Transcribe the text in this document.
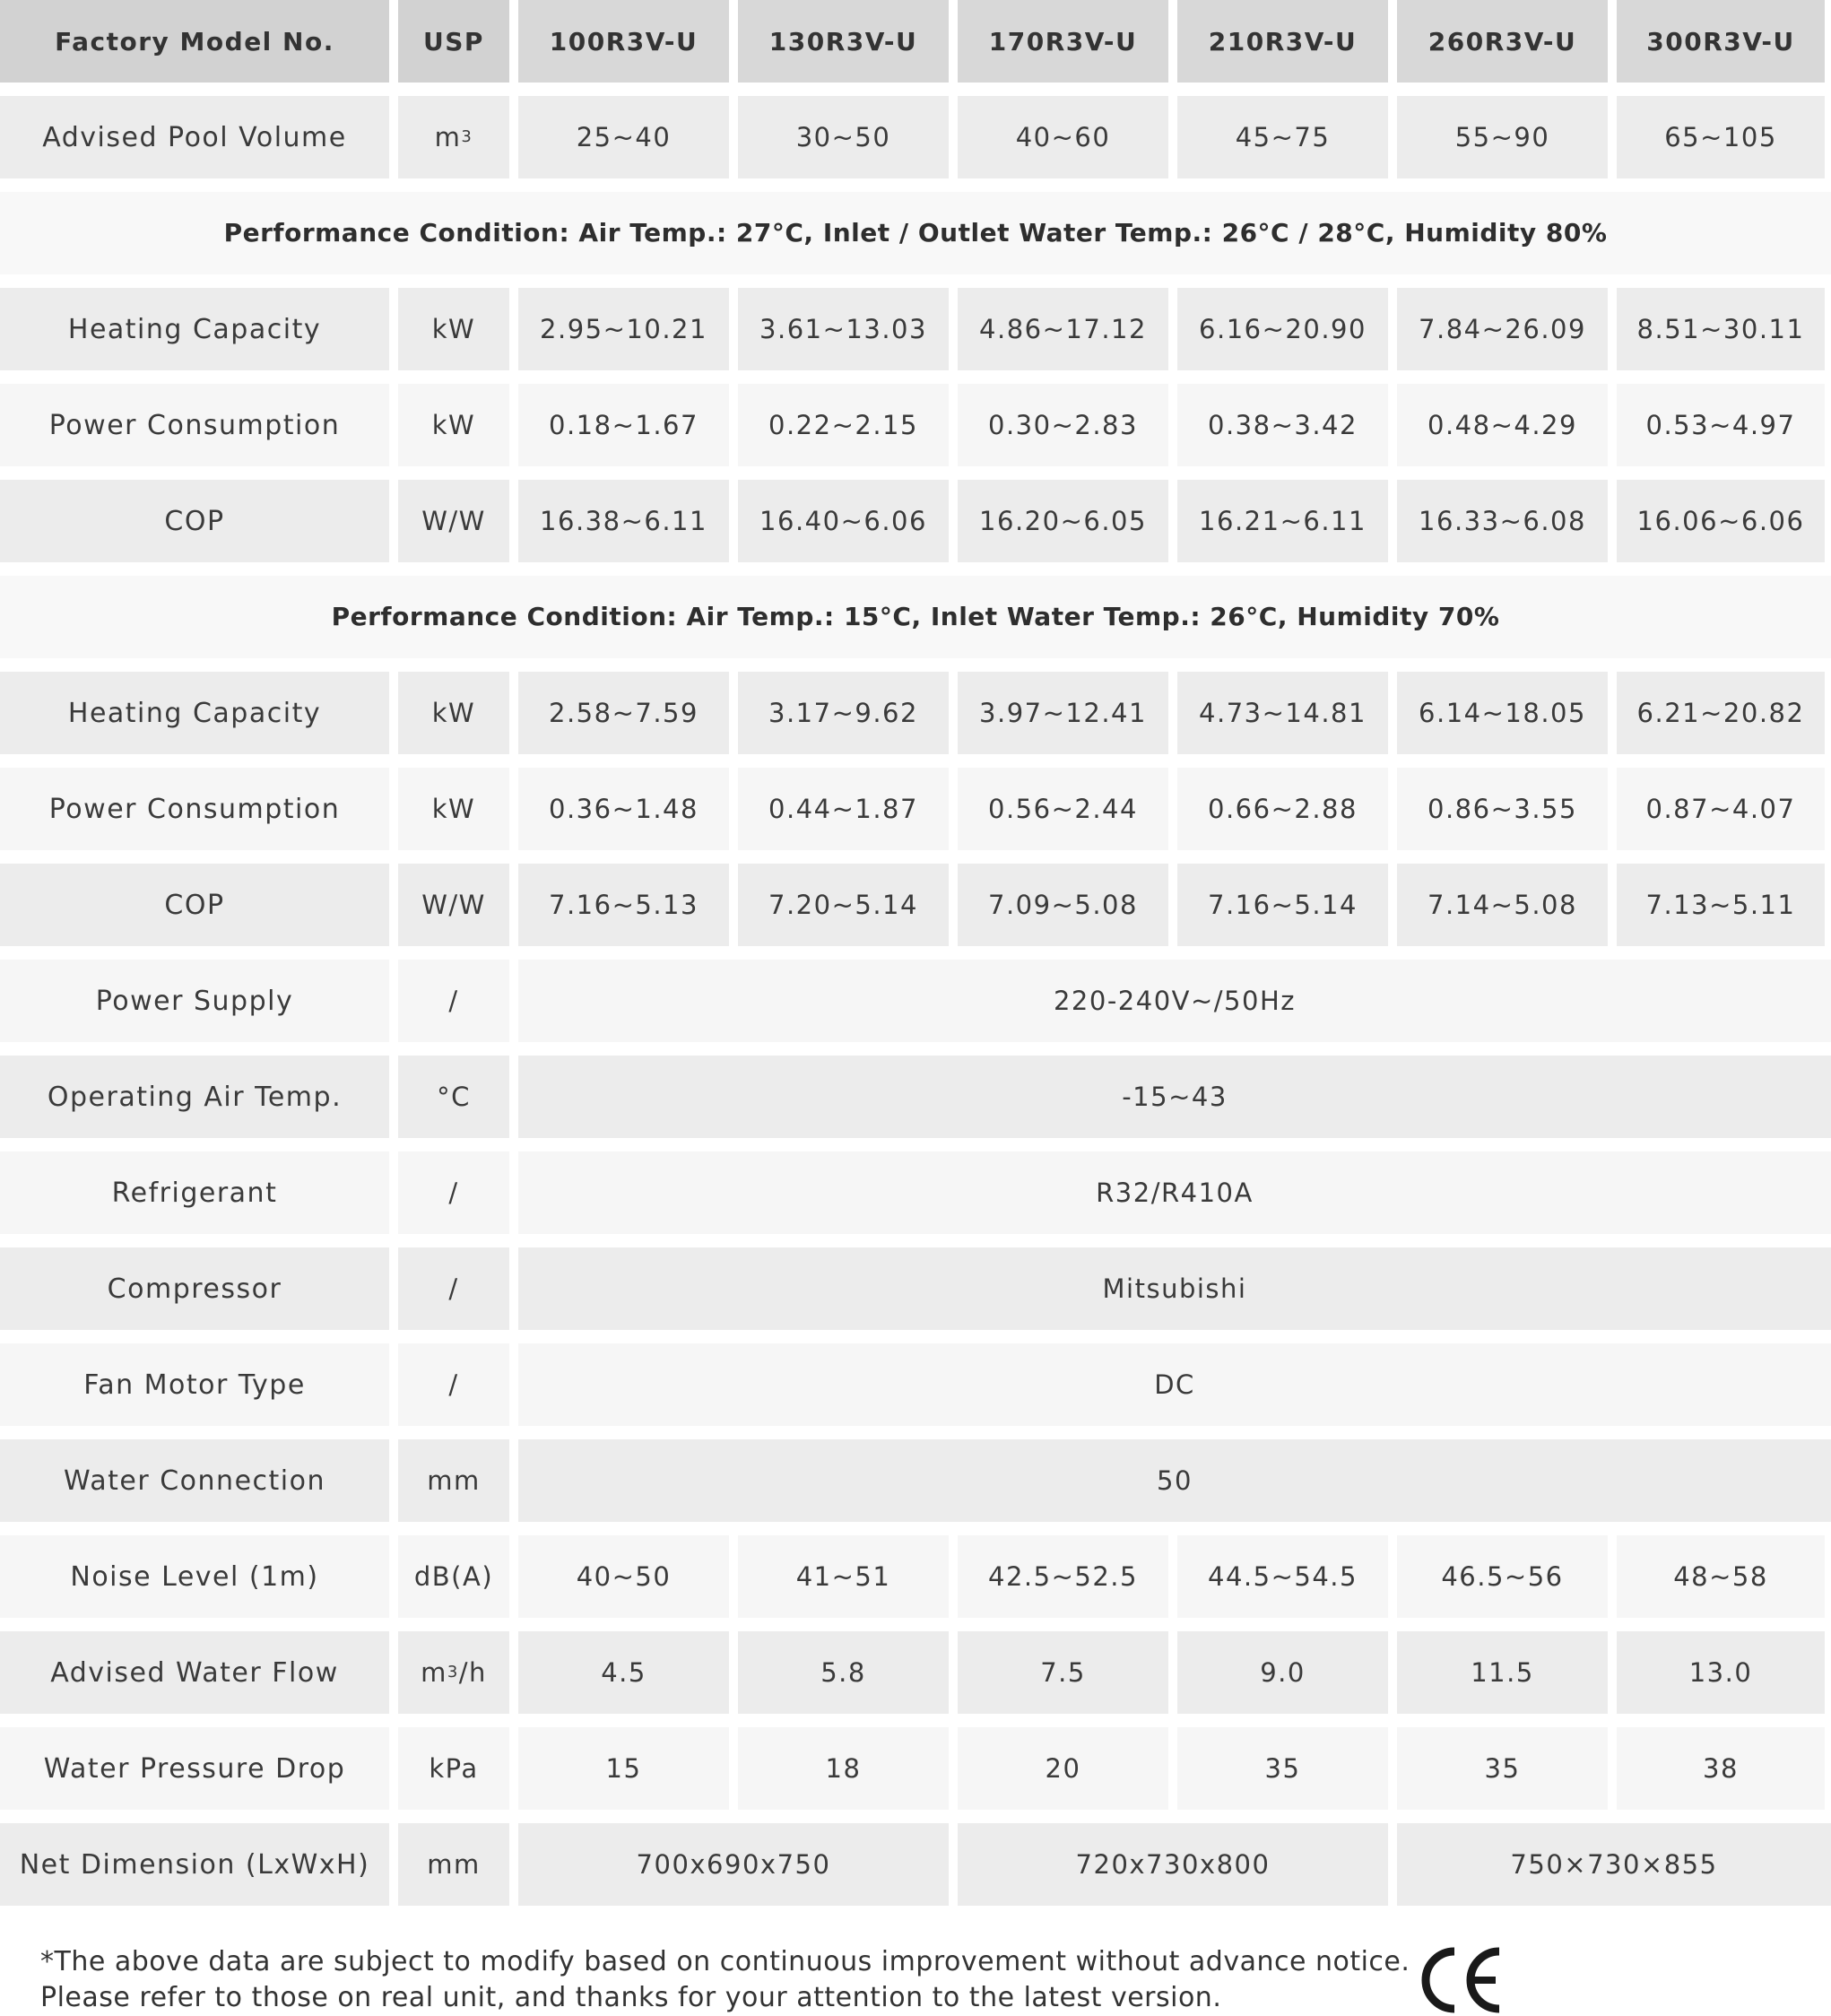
Factory Model No.	USP	100R3V-U	130R3V-U	170R3V-U	210R3V-U	260R3V-U	300R3V-U
Advised Pool Volume	m 3	25~40	30~50	40~60	45~75	55~90	65~105
Performance Condition: Air Temp.: 27°C, Inlet / Outlet Water Temp.: 26°C / 28°C, Humidity 80%
Heating Capacity	kW	2.95~10.21	3.61~13.03	4.86~17.12	6.16~20.90	7.84~26.09	8.51~30.11
Power Consumption	kW	0.18~1.67	0.22~2.15	0.30~2.83	0.38~3.42	0.48~4.29	0.53~4.97
COP	W/W	16.38~6.11	16.40~6.06	16.20~6.05	16.21~6.11	16.33~6.08	16.06~6.06
Performance Condition: Air Temp.: 15°C, Inlet Water Temp.: 26°C, Humidity 70%
Heating Capacity	kW	2.58~7.59	3.17~9.62	3.97~12.41	4.73~14.81	6.14~18.05	6.21~20.82
Power Consumption	kW	0.36~1.48	0.44~1.87	0.56~2.44	0.66~2.88	0.86~3.55	0.87~4.07
COP	W/W	7.16~5.13	7.20~5.14	7.09~5.08	7.16~5.14	7.14~5.08	7.13~5.11
Power Supply	/	220-240V~/50Hz
Operating Air Temp.	°C	-15~43
Refrigerant	/	R32/R410A
Compressor	/	Mitsubishi
Fan Motor Type	/	DC
Water Connection	mm	50
Noise Level (1m)	dB(A)	40~50	41~51	42.5~52.5	44.5~54.5	46.5~56	48~58
Advised Water Flow	m 3 /h	4.5	5.8	7.5	9.0	11.5	13.0
Water Pressure Drop	kPa	15	18	20	35	35	38
Net Dimension (LxWxH)	mm	700x690x750	720x730x800	750×730×855
*The above data are subject to modify based on continuous improvement without advance notice.
Please refer to those on real unit, and thanks for your attention to the latest version.
